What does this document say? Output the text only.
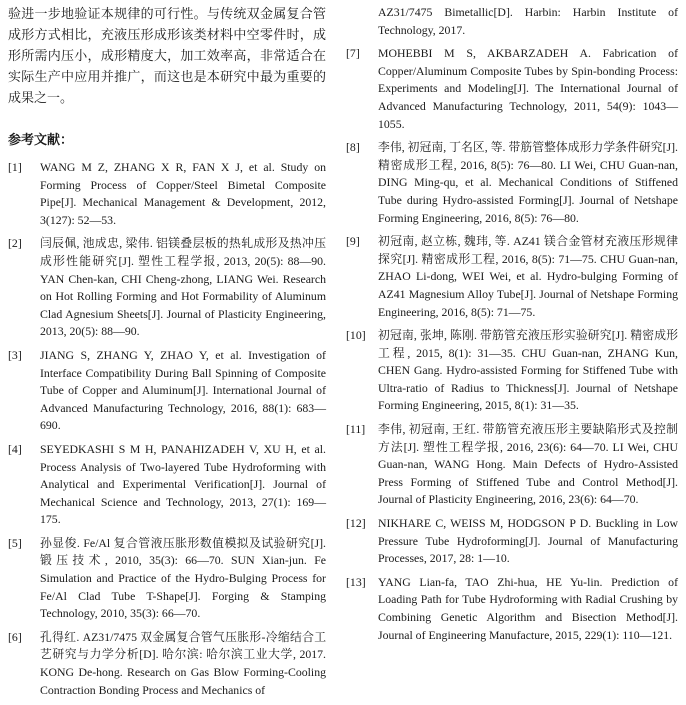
验进一步地验证本规律的可行性。与传统双金属复合管成形方式相比，充液压形成形该类材料中空零件时，成形所需内压小，成形精度大，加工效率高，非常适合在实际生产中应用并推广，而这也是本研究中最为重要的成果之一。

参考文献：
[1] WANG M Z, ZHANG X R, FAN X J, et al. Study on Forming Process of Copper/Steel Bimetal Composite Pipe[J]. Mechanical Management & Development, 2012, 3(127): 52—53.
[2] 闫辰佩, 池成忠, 梁伟. 铝镁叠层板的热轧成形及热冲压成形性能研究[J]. 塑性工程学报, 2013, 20(5): 88—90. YAN Chen-kan, CHI Cheng-zhong, LIANG Wei. Research on Hot Rolling Forming and Hot Formability of Aluminum Clad Agnesium Sheets[J]. Journal of Plasticity Engineering, 2013, 20(5): 88—90.
[3] JIANG S, ZHANG Y, ZHAO Y, et al. Investigation of Interface Compatibility During Ball Spinning of Composite Tube of Copper and Aluminum[J]. International Journal of Advanced Manufacturing Technology, 2016, 88(1): 683—690.
[4] SEYEDKASHI S M H, PANAHIZADEH V, XU H, et al. Process Analysis of Two-layered Tube Hydroforming with Analytical and Experimental Verification[J]. Journal of Mechanical Science and Technology, 2013, 27(1): 169—175.
[5] 孙显俊. Fe/Al 复合管液压胀形数值模拟及试验研究[J]. 锻压技术, 2010, 35(3): 66—70. SUN Xian-jun. Fe Simulation and Practice of the Hydro-Bulging Process for Fe/Al Clad Tube T-Shape[J]. Forging & Stamping Technology, 2010, 35(3): 66—70.
[6] 孔得红. AZ31/7475 双金属复合管气压胀形-冷缩结合工艺研究与力学分析[D]. 哈尔滨: 哈尔滨工业大学, 2017. KONG De-hong. Research on Gas Blow Forming-Cooling Contraction Bonding Process and Mechanics of
AZ31/7475 Bimetallic[D]. Harbin: Harbin Institute of Technology, 2017.
[7] MOHEBBI M S, AKBARZADEH A. Fabrication of Copper/Aluminum Composite Tubes by Spin-bonding Process: Experiments and Modeling[J]. The International Journal of Advanced Manufacturing Technology, 2011, 54(9): 1043—1055.
[8] 李伟, 初冠南, 丁名区, 等. 带筋管整体成形力学条件研究[J]. 精密成形工程, 2016, 8(5): 76—80. LI Wei, CHU Guan-nan, DING Ming-qu, et al. Mechanical Conditions of Stiffened Tube during Hydro-assisted Forming[J]. Journal of Netshape Forming Engineering, 2016, 8(5): 76—80.
[9] 初冠南, 赵立栋, 魏玮, 等. AZ41 镁合金管材充液压形规律探究[J]. 精密成形工程, 2016, 8(5): 71—75. CHU Guan-nan, ZHAO Li-dong, WEI Wei, et al. Hydro-bulging Forming of AZ41 Magnesium Alloy Tube[J]. Journal of Netshape Forming Engineering, 2016, 8(5): 71—75.
[10] 初冠南, 张坤, 陈刚. 带筋管充液压形实验研究[J]. 精密成形工程, 2015, 8(1): 31—35. CHU Guan-nan, ZHANG Kun, CHEN Gang. Hydro-assisted Forming for Stiffened Tube with Ultra-ratio of Radius to Thickness[J]. Journal of Netshape Forming Engineering, 2015, 8(1): 31—35.
[11] 李伟, 初冠南, 王红. 带筋管充液压形主要缺陷形式及控制方法[J]. 塑性工程学报, 2016, 23(6): 64—70. LI Wei, CHU Guan-nan, WANG Hong. Main Defects of Hydro-Assisted Press Forming of Stiffened Tube and Control Method[J]. Journal of Plasticity Engineering, 2016, 23(6): 64—70.
[12] NIKHARE C, WEISS M, HODGSON P D. Buckling in Low Pressure Tube Hydroforming[J]. Journal of Manufacturing Processes, 2017, 28: 1—10.
[13] YANG Lian-fa, TAO Zhi-hua, HE Yu-lin. Prediction of Loading Path for Tube Hydroforming with Radial Crushing by Combining Genetic Algorithm and Bisection Method[J]. Journal of Engineering Manufacture, 2015, 229(1): 110—121.
